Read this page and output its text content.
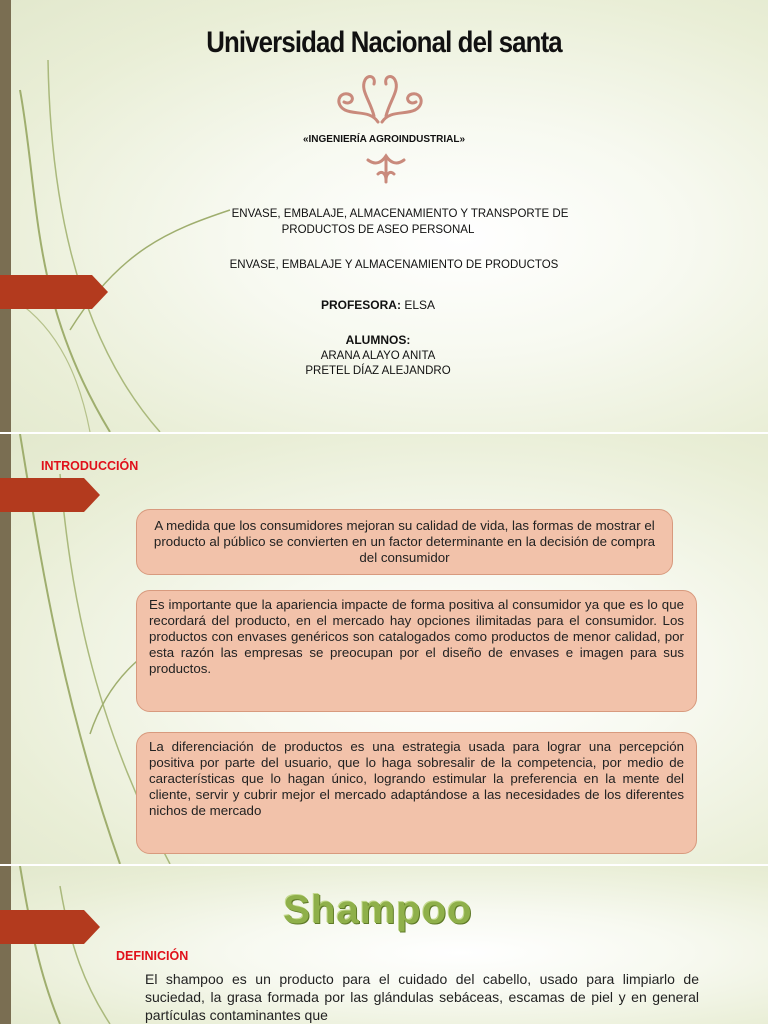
Universidad Nacional del santa
«INGENIERÍA AGROINDUSTRIAL»
ENVASE, EMBALAJE, ALMACENAMIENTO Y TRANSPORTE DE
PRODUCTOS DE ASEO PERSONAL
ENVASE, EMBALAJE Y ALMACENAMIENTO DE PRODUCTOS
PROFESORA: ELSA
ALUMNOS:
ARANA ALAYO ANITA
PRETEL DÍAZ ALEJANDRO
INTRODUCCIÓN
A medida que los consumidores mejoran su calidad de vida, las formas de mostrar el producto al público se convierten en un factor determinante en la decisión de compra del consumidor
Es importante que la apariencia impacte de forma positiva al consumidor ya que es lo que recordará del producto, en el mercado hay opciones ilimitadas para el consumidor. Los productos con envases genéricos son catalogados como productos de menor calidad, por esta razón las empresas se preocupan por el diseño de envases e imagen para sus productos.
La diferenciación de productos es una estrategia usada para lograr una percepción positiva por parte del usuario, que lo haga sobresalir de la competencia, por medio de características que lo hagan único, logrando estimular la preferencia en la mente del cliente, servir y cubrir mejor el mercado adaptándose a las necesidades de los diferentes nichos de mercado
Shampoo
DEFINICIÓN
El shampoo es un producto para el cuidado del cabello, usado para limpiarlo de suciedad, la grasa formada por las glándulas sebáceas, escamas de piel y en general partículas contaminantes que
